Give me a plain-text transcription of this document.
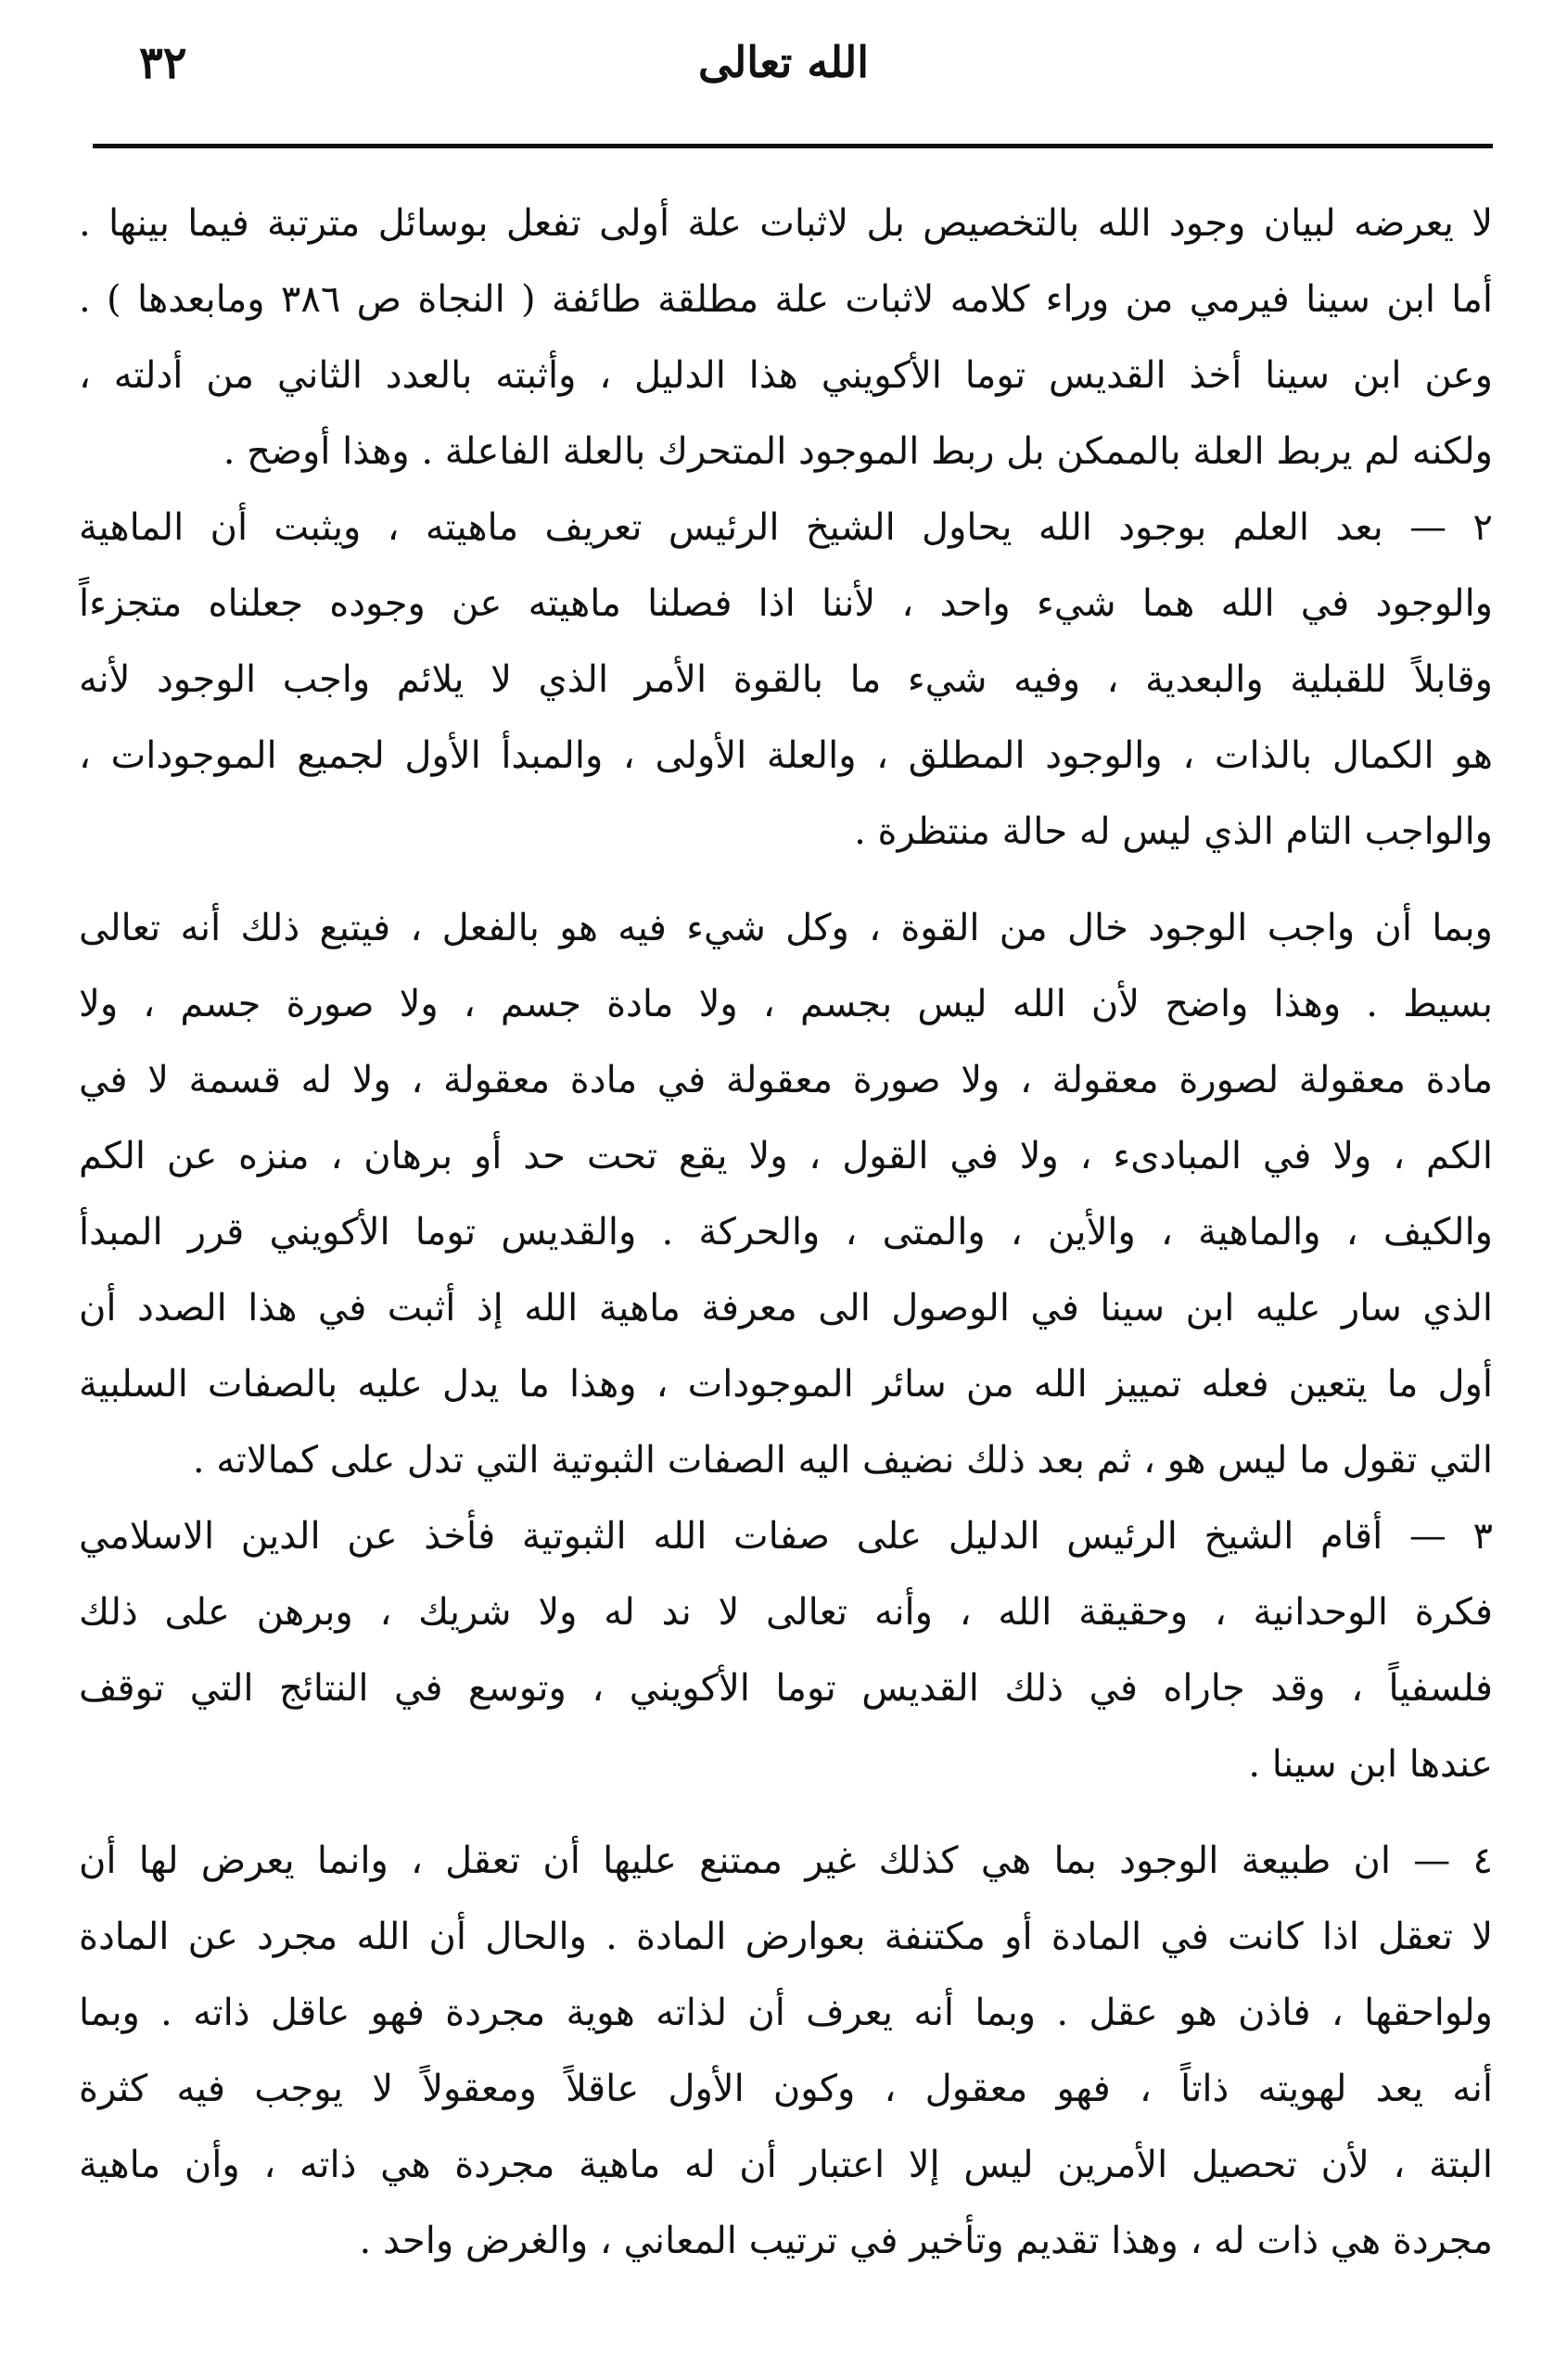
الله تعالى
٣٢
لا يعرضه لبيان وجود الله بالتخصيص بل لاثبات علة أولى تفعل بوسائل مترتبة فيما بينها .
أما ابن سينا فيرمي من وراء كلامه لاثبات علة مطلقة طائفة ( النجاة ص ٣٨٦ ومابعدها ) .
وعن ابن سينا أخذ القديس توما الأكويني هذا الدليل ، وأثبته بالعدد الثاني من أدلته ،
ولكنه لم يربط العلة بالممكن بل ربط الموجود المتحرك بالعلة الفاعلة . وهذا أوضح .
٢ — بعد العلم بوجود الله يحاول الشيخ الرئيس تعريف ماهيته ، ويثبت أن الماهية
والوجود في الله هما شيء واحد ، لأننا اذا فصلنا ماهيته عن وجوده جعلناه متجزءاً
وقابلاً للقبلية والبعدية ، وفيه شيء ما بالقوة الأمر الذي لا يلائم واجب الوجود لأنه
هو الكمال بالذات ، والوجود المطلق ، والعلة الأولى ، والمبدأ الأول لجميع الموجودات ،
والواجب التام الذي ليس له حالة منتظرة .
وبما أن واجب الوجود خال من القوة ، وكل شيء فيه هو بالفعل ، فيتبع ذلك أنه تعالى
بسيط . وهذا واضح لأن الله ليس بجسم ، ولا مادة جسم ، ولا صورة جسم ، ولا
مادة معقولة لصورة معقولة ، ولا صورة معقولة في مادة معقولة ، ولا له قسمة لا في
الكم ، ولا في المبادىء ، ولا في القول ، ولا يقع تحت حد أو برهان ، منزه عن الكم
والكيف ، والماهية ، والأين ، والمتى ، والحركة . والقديس توما الأكويني قرر المبدأ
الذي سار عليه ابن سينا في الوصول الى معرفة ماهية الله إذ أثبت في هذا الصدد أن
أول ما يتعين فعله تمييز الله من سائر الموجودات ، وهذا ما يدل عليه بالصفات السلبية
التي تقول ما ليس هو ، ثم بعد ذلك نضيف اليه الصفات الثبوتية التي تدل على كمالاته .
٣ — أقام الشيخ الرئيس الدليل على صفات الله الثبوتية فأخذ عن الدين الاسلامي
فكرة الوحدانية ، وحقيقة الله ، وأنه تعالى لا ند له ولا شريك ، وبرهن على ذلك
فلسفياً ، وقد جاراه في ذلك القديس توما الأكويني ، وتوسع في النتائج التي توقف
عندها ابن سينا .
٤ — ان طبيعة الوجود بما هي كذلك غير ممتنع عليها أن تعقل ، وانما يعرض لها أن
لا تعقل اذا كانت في المادة أو مكتنفة بعوارض المادة . والحال أن الله مجرد عن المادة
ولواحقها ، فاذن هو عقل . وبما أنه يعرف أن لذاته هوية مجردة فهو عاقل ذاته . وبما
أنه يعد لهويته ذاتاً ، فهو معقول ، وكون الأول عاقلاً ومعقولاً لا يوجب فيه كثرة
البتة ، لأن تحصيل الأمرين ليس إلا اعتبار أن له ماهية مجردة هي ذاته ، وأن ماهية
مجردة هي ذات له ، وهذا تقديم وتأخير في ترتيب المعاني ، والغرض واحد .
